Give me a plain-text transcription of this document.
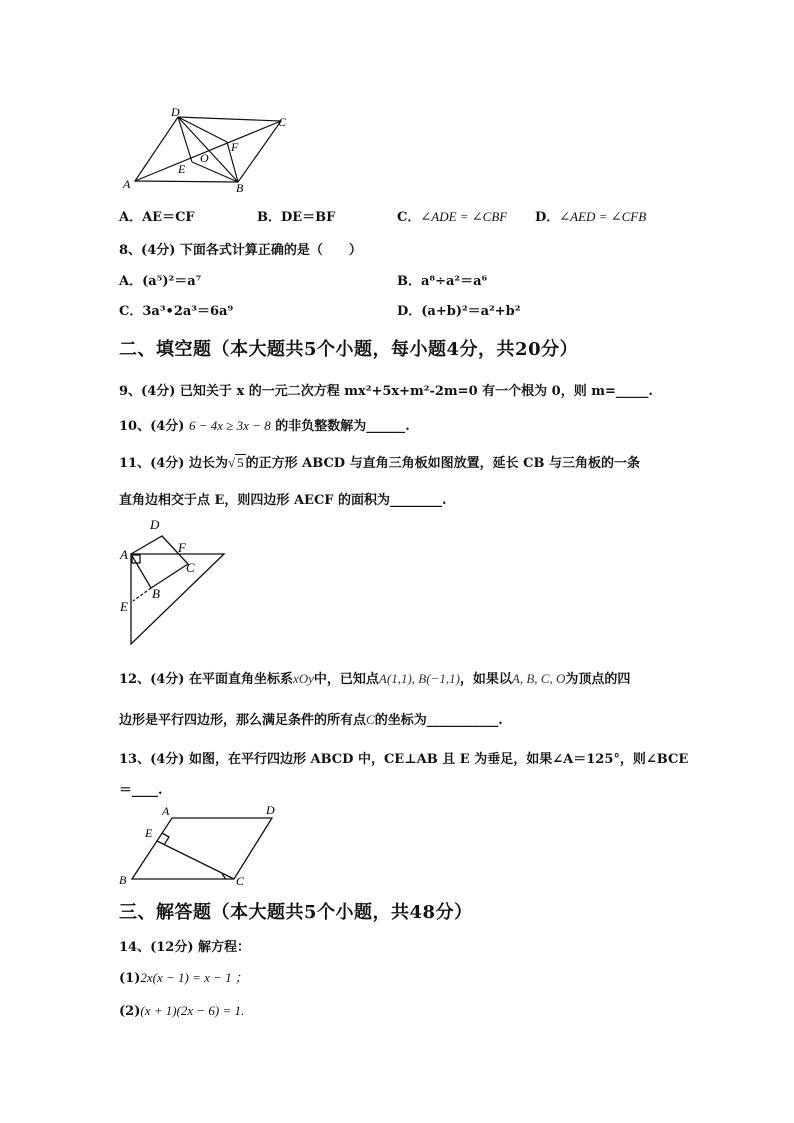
A
D
C
B
E
F
O
A．AE＝CF	B．DE＝BF	C．∠ADE = ∠CBF D．∠AED = ∠CFB
8、(4分) 下面各式计算正确的是（　　）
A．(a⁵)²＝a⁷	B．a⁸÷a²＝a⁶
C．3a³•2a³＝6a⁹	D．(a+b)²＝a²+b²
二、填空题（本大题共5个小题，每小题4分，共20分）
9、(4分) 已知关于 x 的一元二次方程 mx²+5x+m²-2m=0 有一个根为 0，则 m=_____.
10、(4分) 6 − 4x ≥ 3x − 8 的非负整数解为______.
11、(4分) 边长为√ 5 的正方形 ABCD 与直角三角板如图放置，延长 CB 与三角板的一条
直角边相交于点 E，则四边形 AECF 的面积为________.
D
A	F
C
B
E
12、(4分) 在平面直角坐标系xOy中，已知点A(1,1), B(−1,1)，如果以A, B, C, O为顶点的四
边形是平行四边形，那么满足条件的所有点C的坐标为___________.
13、(4分) 如图，在平行四边形 ABCD 中，CE⊥AB 且 E 为垂足，如果∠A＝125°，则∠BCE
＝____.
A	D
E
B	C
三、解答题（本大题共5个小题，共48分）
14、(12分) 解方程：
(1)2x(x − 1) = x − 1 ；
(2)(x + 1)(2x − 6) = 1.
